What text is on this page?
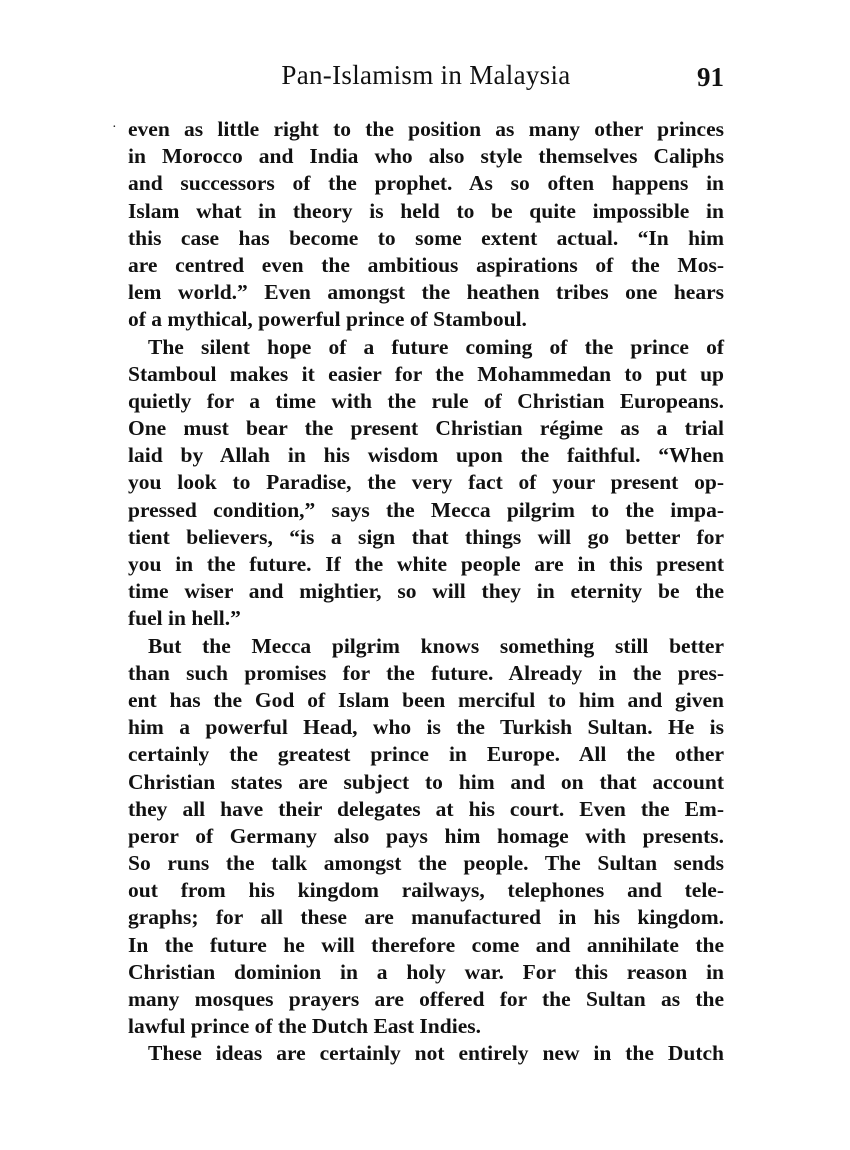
Pan-Islamism in Malaysia	91
· even as little right to the position as many other princes
in Morocco and India who also style themselves Caliphs
and successors of the prophet. As so often happens in
Islam what in theory is held to be quite impossible in
this case has become to some extent actual. “In him
are centred even the ambitious aspirations of the Mos-
lem world.” Even amongst the heathen tribes one hears
of a mythical, powerful prince of Stamboul.
The silent hope of a future coming of the prince of
Stamboul makes it easier for the Mohammedan to put up
quietly for a time with the rule of Christian Europeans.
One must bear the present Christian régime as a trial
laid by Allah in his wisdom upon the faithful. “When
you look to Paradise, the very fact of your present op-
pressed condition,” says the Mecca pilgrim to the impa-
tient believers, “is a sign that things will go better for
you in the future. If the white people are in this present
time wiser and mightier, so will they in eternity be the
fuel in hell.”
But the Mecca pilgrim knows something still better
than such promises for the future. Already in the pres-
ent has the God of Islam been merciful to him and given
him a powerful Head, who is the Turkish Sultan. He is
certainly the greatest prince in Europe. All the other
Christian states are subject to him and on that account
they all have their delegates at his court. Even the Em-
peror of Germany also pays him homage with presents.
So runs the talk amongst the people. The Sultan sends
out from his kingdom railways, telephones and tele-
graphs; for all these are manufactured in his kingdom.
In the future he will therefore come and annihilate the
Christian dominion in a holy war. For this reason in
many mosques prayers are offered for the Sultan as the
lawful prince of the Dutch East Indies.
These ideas are certainly not entirely new in the Dutch
